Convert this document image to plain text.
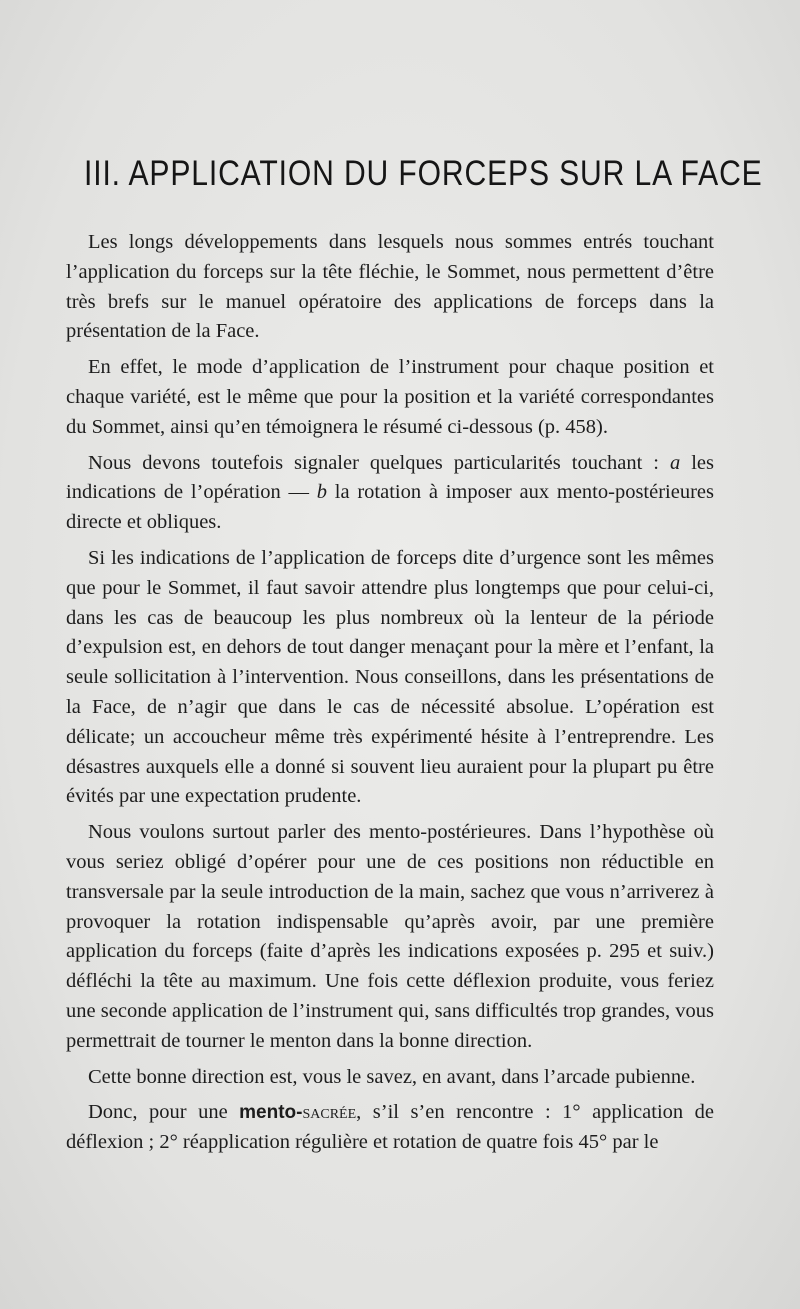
III. APPLICATION DU FORCEPS SUR LA FACE

Les longs développements dans lesquels nous sommes entrés touchant l’application du forceps sur la tête fléchie, le Sommet, nous permettent d’être très brefs sur le manuel opératoire des applications de forceps dans la présentation de la Face.

En effet, le mode d’application de l’instrument pour chaque position et chaque variété, est le même que pour la position et la variété correspondantes du Sommet, ainsi qu’en témoignera le résumé ci-dessous (p. 458).

Nous devons toutefois signaler quelques particularités touchant : a les indications de l’opération — b la rotation à imposer aux mento-postérieures directe et obliques.

Si les indications de l’application de forceps dite d’urgence sont les mêmes que pour le Sommet, il faut savoir attendre plus longtemps que pour celui-ci, dans les cas de beaucoup les plus nombreux où la lenteur de la période d’expulsion est, en dehors de tout danger menaçant pour la mère et l’enfant, la seule sollicitation à l’intervention. Nous conseillons, dans les présentations de la Face, de n’agir que dans le cas de nécessité absolue. L’opération est délicate; un accoucheur même très expérimenté hésite à l’entreprendre. Les désastres auxquels elle a donné si souvent lieu auraient pour la plupart pu être évités par une expectation prudente.

Nous voulons surtout parler des mento-postérieures. Dans l’hypothèse où vous seriez obligé d’opérer pour une de ces positions non réductible en transversale par la seule introduction de la main, sachez que vous n’arriverez à provoquer la rotation indispensable qu’après avoir, par une première application du forceps (faite d’après les indications exposées p. 295 et suiv.) défléchi la tête au maximum. Une fois cette déflexion produite, vous feriez une seconde application de l’instrument qui, sans difficultés trop grandes, vous permettrait de tourner le menton dans la bonne direction.

Cette bonne direction est, vous le savez, en avant, dans l’arcade pubienne.

Donc, pour une mento-sacrée, s’il s’en rencontre : 1° application de déflexion ; 2° réapplication régulière et rotation de quatre fois 45° par le
